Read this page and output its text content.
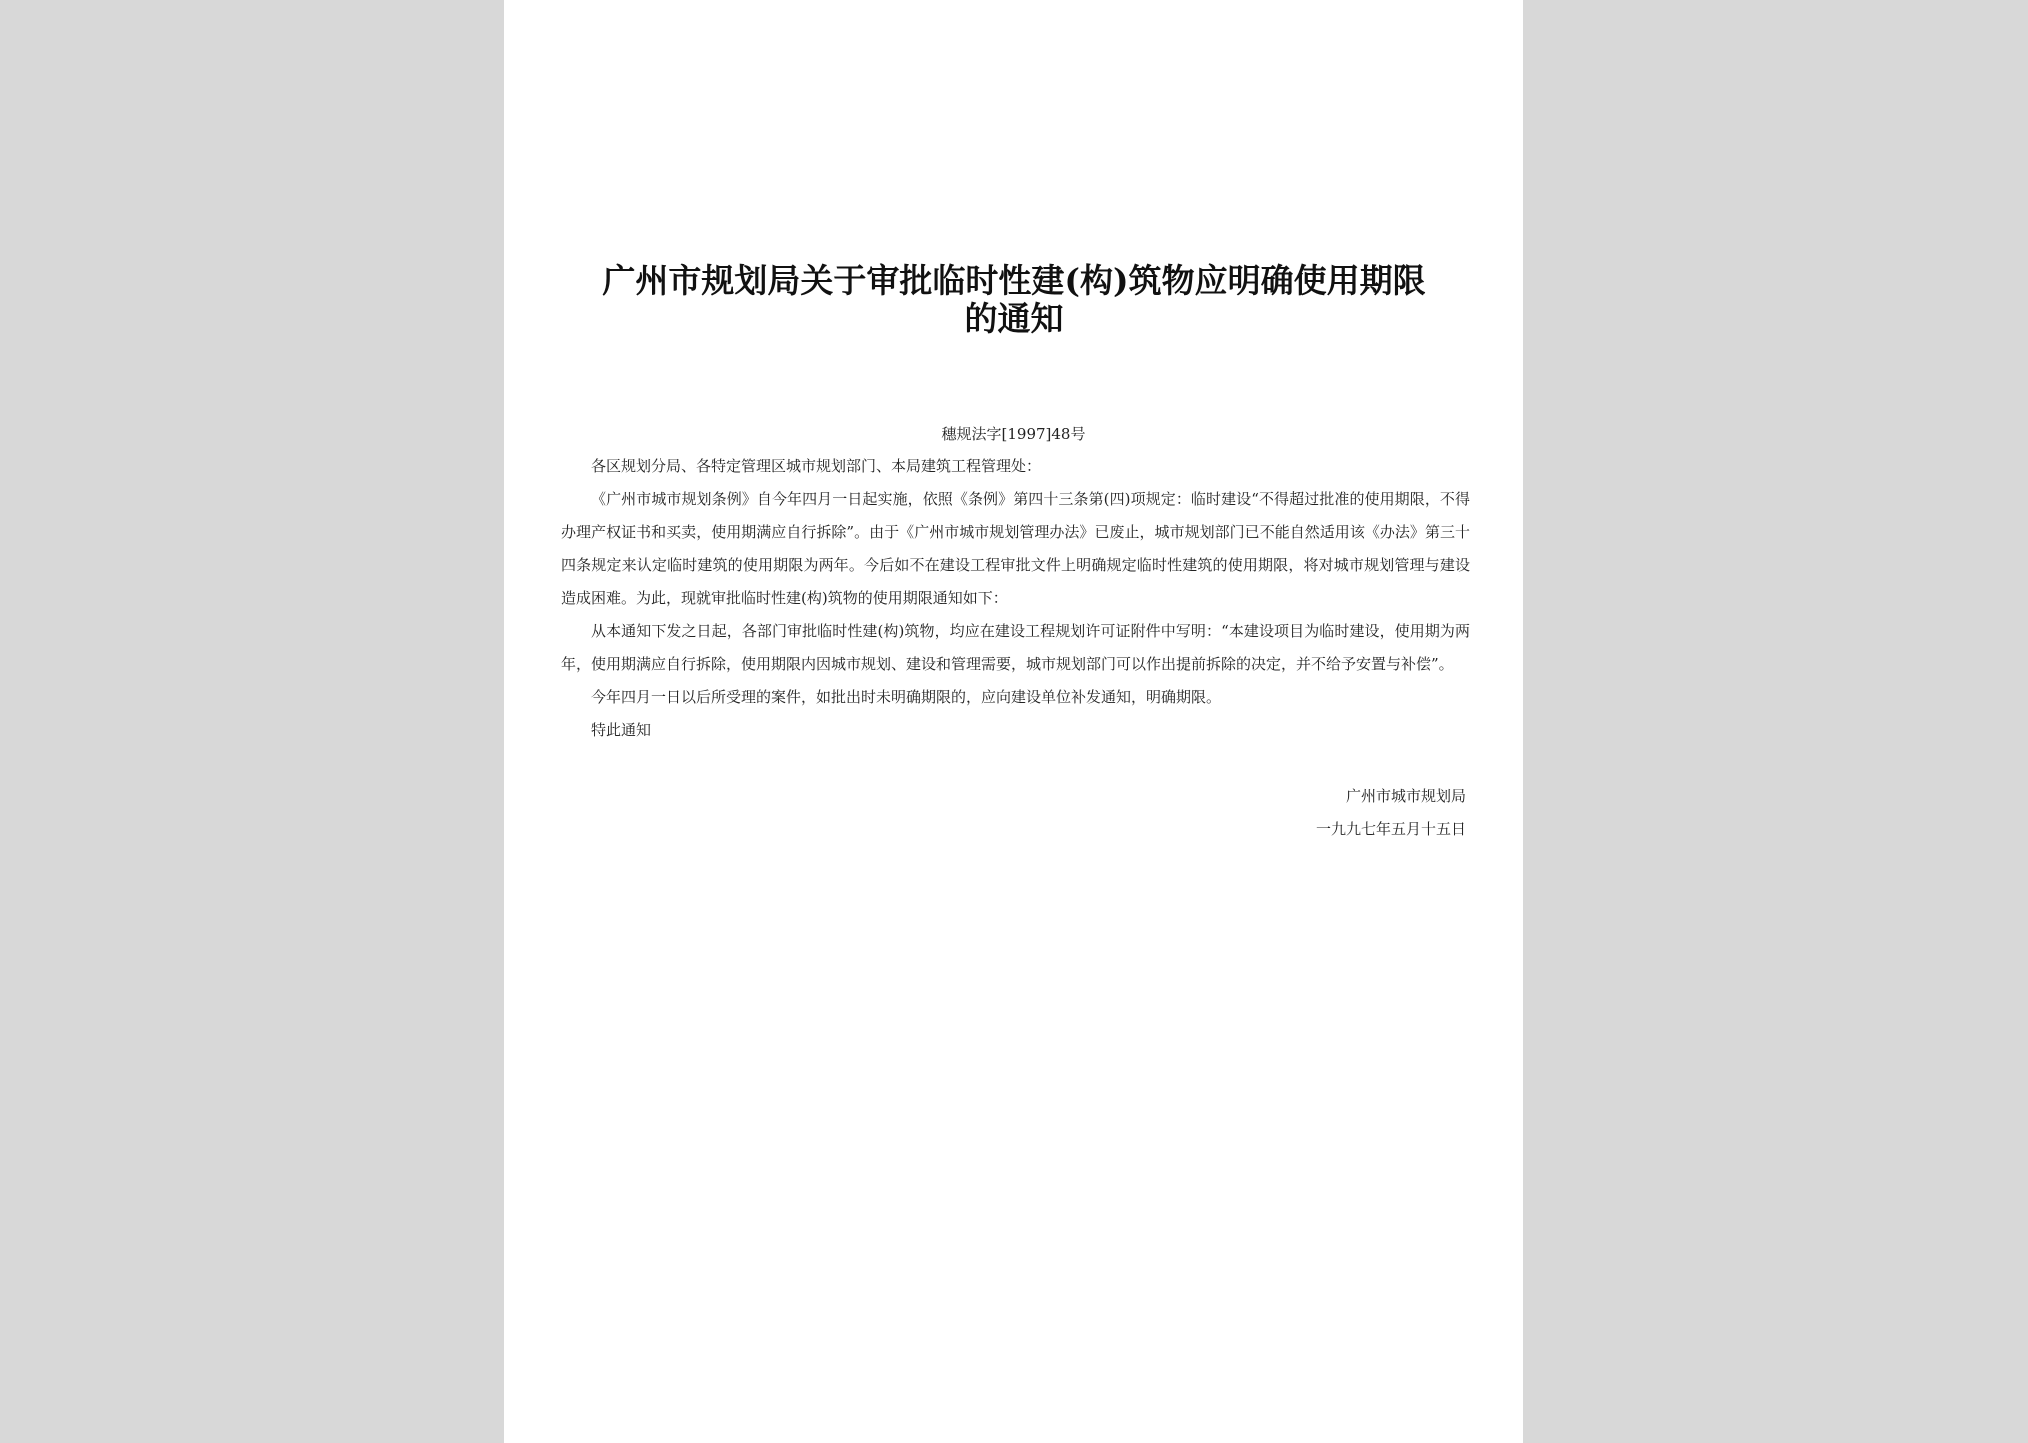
广州市规划局关于审批临时性建(构)筑物应明确使用期限的通知
穗规法字[1997]48号

各区规划分局、各特定管理区城市规划部门、本局建筑工程管理处：

《广州市城市规划条例》自今年四月一日起实施，依照《条例》第四十三条第(四)项规定：临时建设“不得超过批准的使用期限，不得办理产权证书和买卖，使用期满应自行拆除”。由于《广州市城市规划管理办法》已废止，城市规划部门已不能自然适用该《办法》第三十四条规定来认定临时建筑的使用期限为两年。今后如不在建设工程审批文件上明确规定临时性建筑的使用期限，将对城市规划管理与建设造成困难。为此，现就审批临时性建(构)筑物的使用期限通知如下：

从本通知下发之日起，各部门审批临时性建(构)筑物，均应在建设工程规划许可证附件中写明：“本建设项目为临时建设，使用期为两年，使用期满应自行拆除，使用期限内因城市规划、建设和管理需要，城市规划部门可以作出提前拆除的决定，并不给予安置与补偿”。

今年四月一日以后所受理的案件，如批出时未明确期限的，应向建设单位补发通知，明确期限。

特此通知

广州市城市规划局
一九九七年五月十五日
